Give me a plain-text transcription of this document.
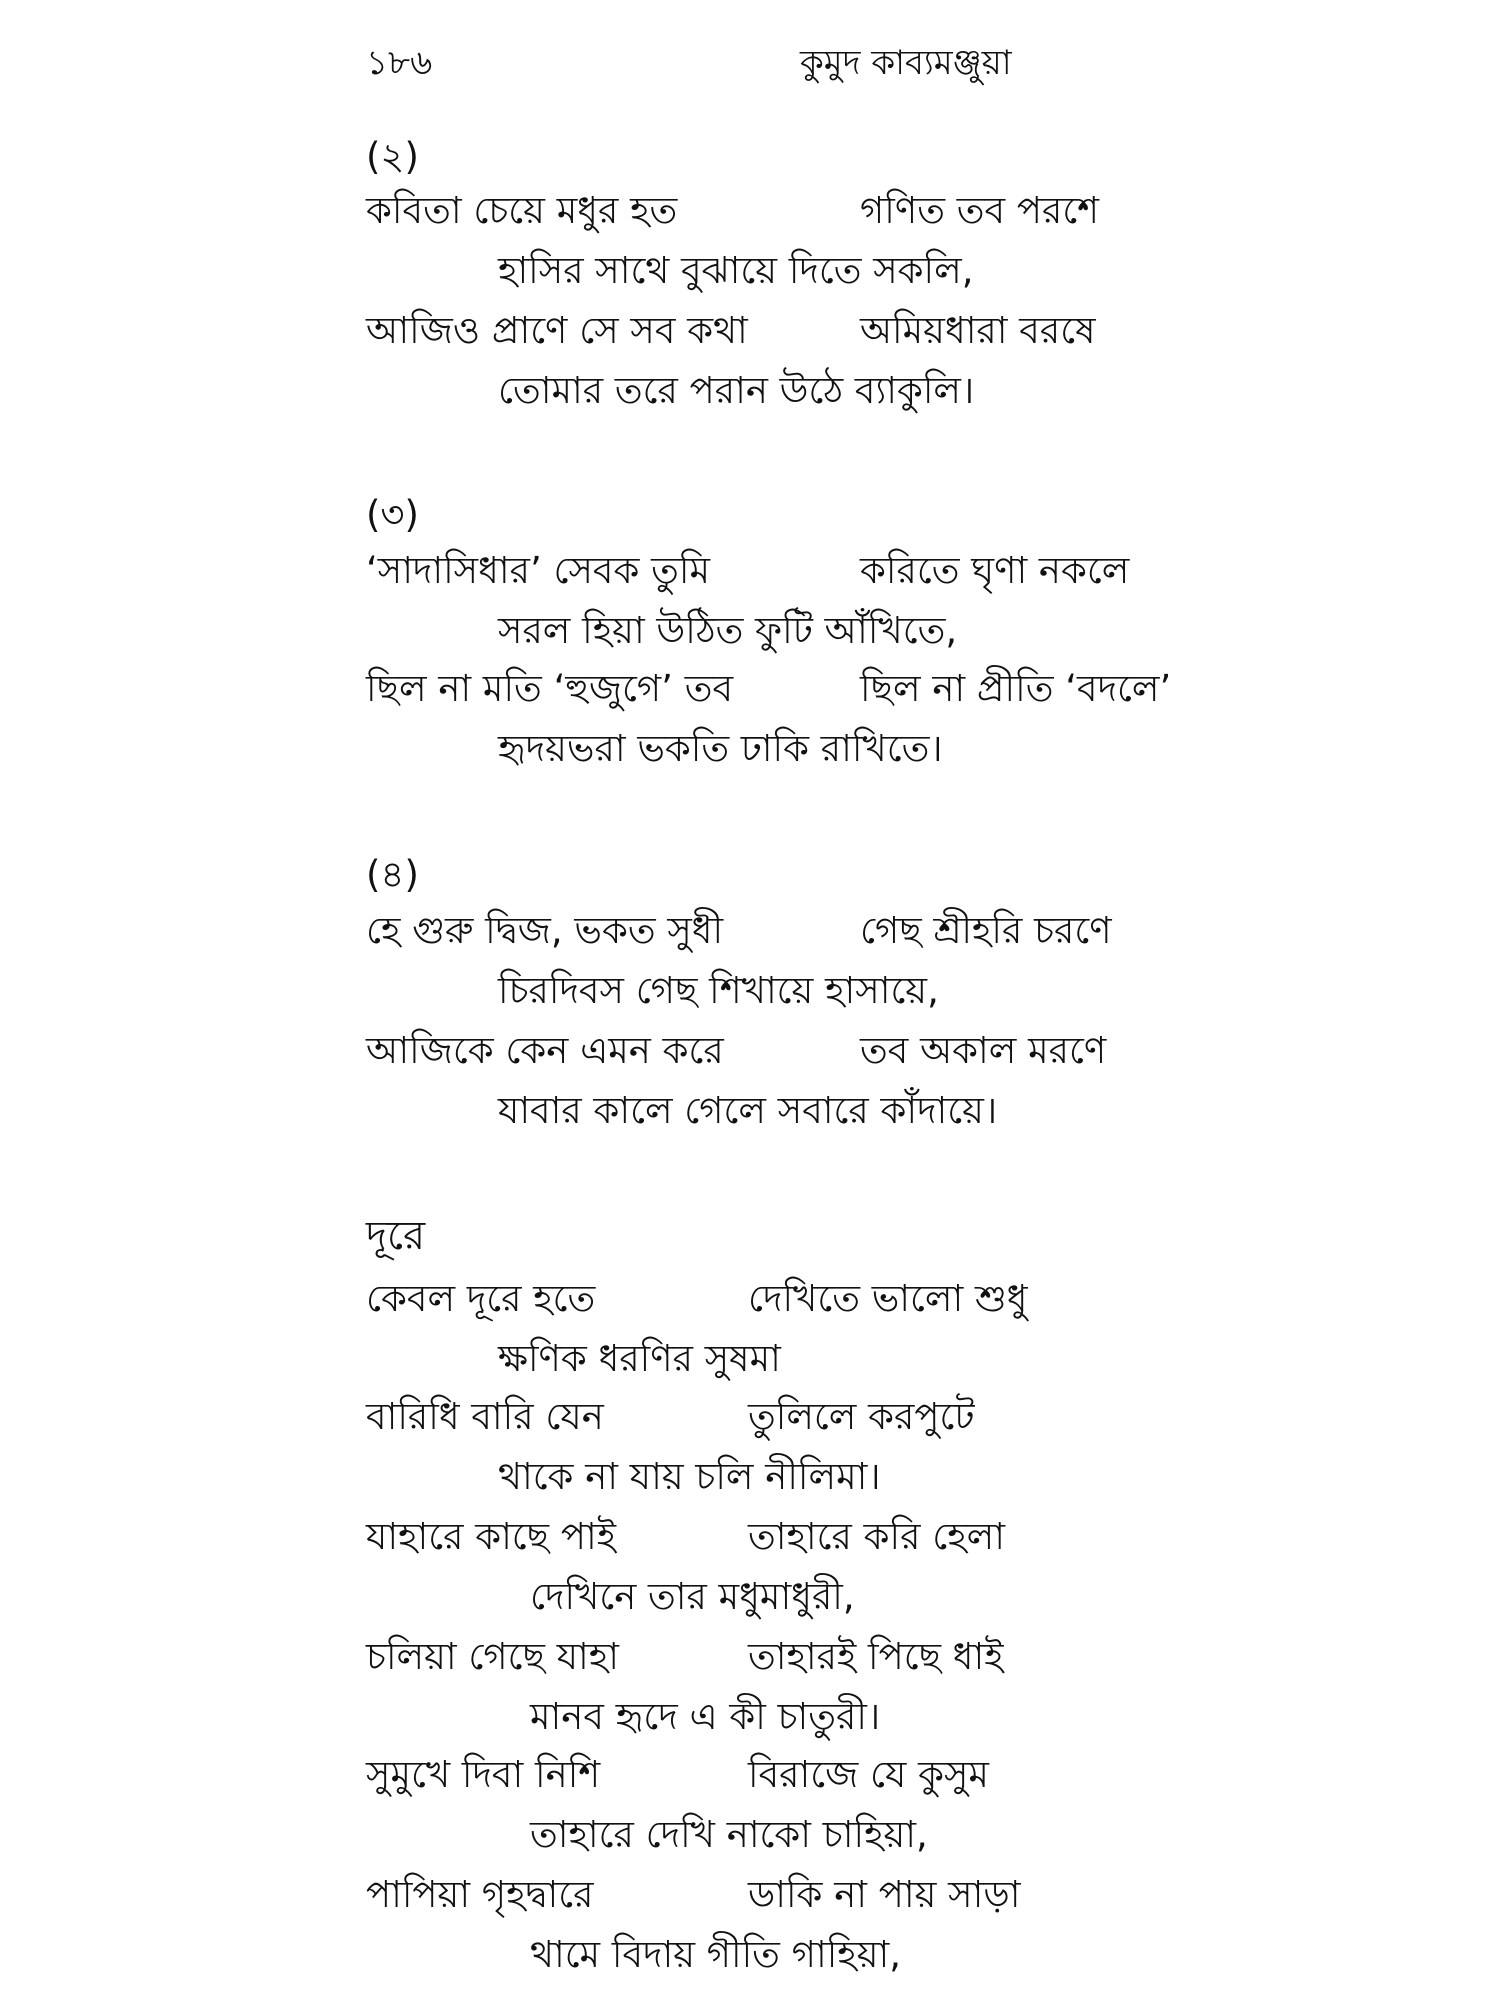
১৮৬	কুমুদ কাব্যমঞ্জুয়া
(২)
কবিতা চেয়ে মধুর হত	গণিত তব পরশে
হাসির সাথে বুঝায়ে দিতে সকলি,
আজিও প্রাণে সে সব কথা	অমিয়ধারা বরষে
তোমার তরে পরান উঠে ব্যাকুলি।
(৩)
‘সাদাসিধার’ সেবক তুমি	করিতে ঘৃণা নকলে
সরল হিয়া উঠিত ফুটি আঁখিতে,
ছিল না মতি ‘হুজুগে’ তব	ছিল না প্রীতি ‘বদলে’
হৃদয়ভরা ভকতি ঢাকি রাখিতে।
(৪)
হে গুরু দ্বিজ, ভকত সুধী	গেছ শ্রীহরি চরণে
চিরদিবস গেছ শিখায়ে হাসায়ে,
আজিকে কেন এমন করে	তব অকাল মরণে
যাবার কালে গেলে সবারে কাঁদায়ে।
দূরে
কেবল দূরে হতে	দেখিতে ভালো শুধু
ক্ষণিক ধরণির সুষমা
বারিধি বারি যেন	তুলিলে করপুটে
থাকে না যায় চলি নীলিমা।
যাহারে কাছে পাই	তাহারে করি হেলা
দেখিনে তার মধুমাধুরী,
চলিয়া গেছে যাহা	তাহারই পিছে ধাই
মানব হৃদে এ কী চাতুরী।
সুমুখে দিবা নিশি	বিরাজে যে কুসুম
তাহারে দেখি নাকো চাহিয়া,
পাপিয়া গৃহদ্বারে	ডাকি না পায় সাড়া
থামে বিদায় গীতি গাহিয়া,
